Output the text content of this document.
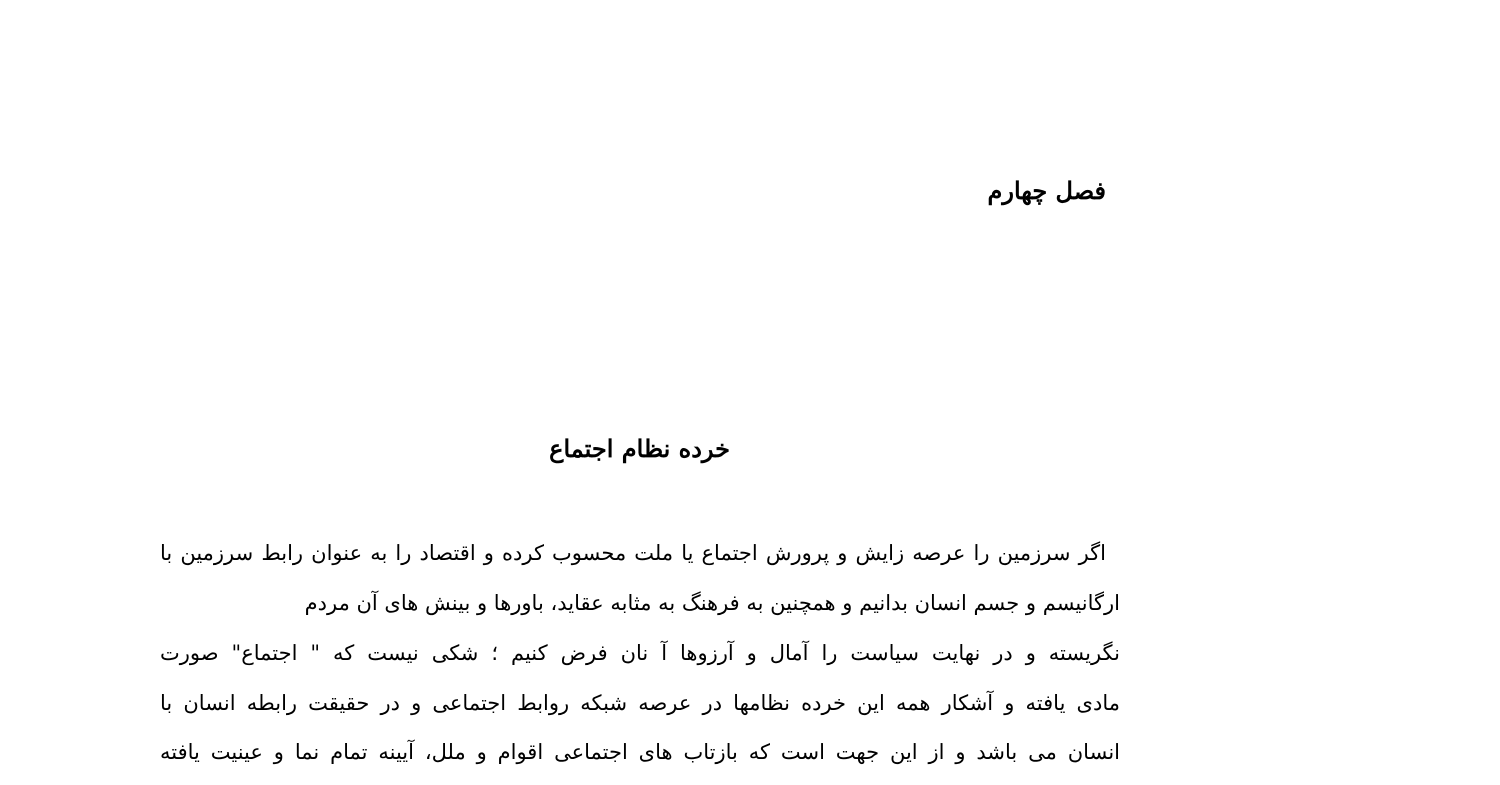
فصل چهارم
خرده نظام اجتماع
اگر سرزمین را عرصه زایش و پرورش اجتماع یا ملت محسوب کرده و اقتصاد را به عنوان رابط سرزمین با
ارگانیسم و جسم انسان بدانیم و همچنین به فرهنگ به مثابه عقاید، باورها و بینش های آن مردم
نگریسته و در نهایت سیاست را آمال و آرزوها آ نان فرض کنیم ؛ شکی نیست که " اجتماع" صورت
مادی یافته و آشکار همه این خرده نظامها در عرصه شبکه روابط اجتماعی و در حقیقت رابطه انسان با
انسان می باشد و از این جهت است که بازتاب های اجتماعی اقوام و ملل، آیینه تمام نما و عینیت یافته
